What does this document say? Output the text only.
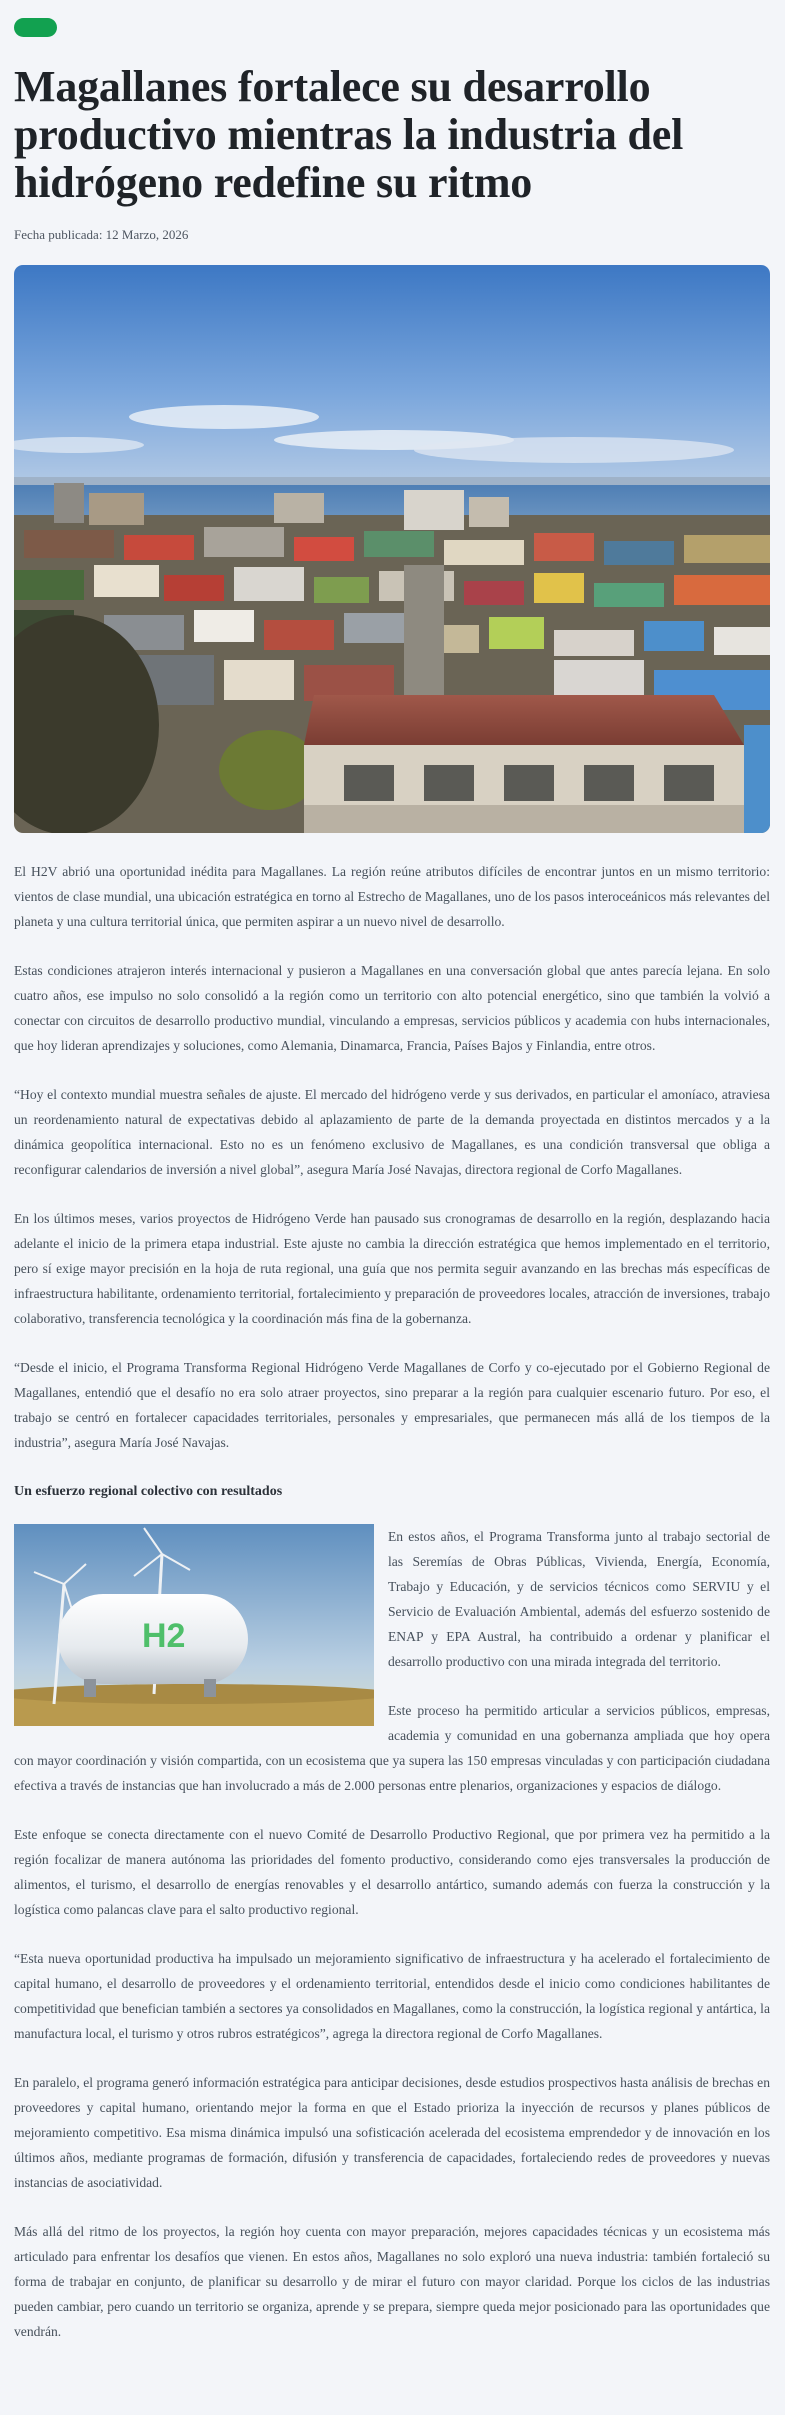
Magallanes fortalece su desarrollo productivo mientras la industria del hidrógeno redefine su ritmo
Fecha publicada: 12 Marzo, 2026

El H2V abrió una oportunidad inédita para Magallanes. La región reúne atributos difíciles de encontrar juntos en un mismo territorio: vientos de clase mundial, una ubicación estratégica en torno al Estrecho de Magallanes, uno de los pasos interoceánicos más relevantes del planeta y una cultura territorial única, que permiten aspirar a un nuevo nivel de desarrollo.

Estas condiciones atrajeron interés internacional y pusieron a Magallanes en una conversación global que antes parecía lejana. En solo cuatro años, ese impulso no solo consolidó a la región como un territorio con alto potencial energético, sino que también la volvió a conectar con circuitos de desarrollo productivo mundial, vinculando a empresas, servicios públicos y academia con hubs internacionales, que hoy lideran aprendizajes y soluciones, como Alemania, Dinamarca, Francia, Países Bajos y Finlandia, entre otros.

“Hoy el contexto mundial muestra señales de ajuste. El mercado del hidrógeno verde y sus derivados, en particular el amoníaco, atraviesa un reordenamiento natural de expectativas debido al aplazamiento de parte de la demanda proyectada en distintos mercados y a la dinámica geopolítica internacional. Esto no es un fenómeno exclusivo de Magallanes, es una condición transversal que obliga a reconfigurar calendarios de inversión a nivel global”, asegura María José Navajas, directora regional de Corfo Magallanes.

En los últimos meses, varios proyectos de Hidrógeno Verde han pausado sus cronogramas de desarrollo en la región, desplazando hacia adelante el inicio de la primera etapa industrial. Este ajuste no cambia la dirección estratégica que hemos implementado en el territorio, pero sí exige mayor precisión en la hoja de ruta regional, una guía que nos permita seguir avanzando en las brechas más específicas de infraestructura habilitante, ordenamiento territorial, fortalecimiento y preparación de proveedores locales, atracción de inversiones, trabajo colaborativo, transferencia tecnológica y la coordinación más fina de la gobernanza.

“Desde el inicio, el Programa Transforma Regional Hidrógeno Verde Magallanes de Corfo y co-ejecutado por el Gobierno Regional de Magallanes, entendió que el desafío no era solo atraer proyectos, sino preparar a la región para cualquier escenario futuro. Por eso, el trabajo se centró en fortalecer capacidades territoriales, personales y empresariales, que permanecen más allá de los tiempos de la industria”, asegura María José Navajas.

Un esfuerzo regional colectivo con resultados
H2

En estos años, el Programa Transforma junto al trabajo sectorial de las Seremías de Obras Públicas, Vivienda, Energía, Economía, Trabajo y Educación, y de servicios técnicos como SERVIU y el Servicio de Evaluación Ambiental, además del esfuerzo sostenido de ENAP y EPA Austral, ha contribuido a ordenar y planificar el desarrollo productivo con una mirada integrada del territorio.

Este proceso ha permitido articular a servicios públicos, empresas, academia y comunidad en una gobernanza ampliada que hoy opera con mayor coordinación y visión compartida, con un ecosistema que ya supera las 150 empresas vinculadas y con participación ciudadana efectiva a través de instancias que han involucrado a más de 2.000 personas entre plenarios, organizaciones y espacios de diálogo.

Este enfoque se conecta directamente con el nuevo Comité de Desarrollo Productivo Regional, que por primera vez ha permitido a la región focalizar de manera autónoma las prioridades del fomento productivo, considerando como ejes transversales la producción de alimentos, el turismo, el desarrollo de energías renovables y el desarrollo antártico, sumando además con fuerza la construcción y la logística como palancas clave para el salto productivo regional.

“Esta nueva oportunidad productiva ha impulsado un mejoramiento significativo de infraestructura y ha acelerado el fortalecimiento de capital humano, el desarrollo de proveedores y el ordenamiento territorial, entendidos desde el inicio como condiciones habilitantes de competitividad que benefician también a sectores ya consolidados en Magallanes, como la construcción, la logística regional y antártica, la manufactura local, el turismo y otros rubros estratégicos”, agrega la directora regional de Corfo Magallanes.

En paralelo, el programa generó información estratégica para anticipar decisiones, desde estudios prospectivos hasta análisis de brechas en proveedores y capital humano, orientando mejor la forma en que el Estado prioriza la inyección de recursos y planes públicos de mejoramiento competitivo. Esa misma dinámica impulsó una sofisticación acelerada del ecosistema emprendedor y de innovación en los últimos años, mediante programas de formación, difusión y transferencia de capacidades, fortaleciendo redes de proveedores y nuevas instancias de asociatividad.

Más allá del ritmo de los proyectos, la región hoy cuenta con mayor preparación, mejores capacidades técnicas y un ecosistema más articulado para enfrentar los desafíos que vienen. En estos años, Magallanes no solo exploró una nueva industria: también fortaleció su forma de trabajar en conjunto, de planificar su desarrollo y de mirar el futuro con mayor claridad. Porque los ciclos de las industrias pueden cambiar, pero cuando un territorio se organiza, aprende y se prepara, siempre queda mejor posicionado para las oportunidades que vendrán.
